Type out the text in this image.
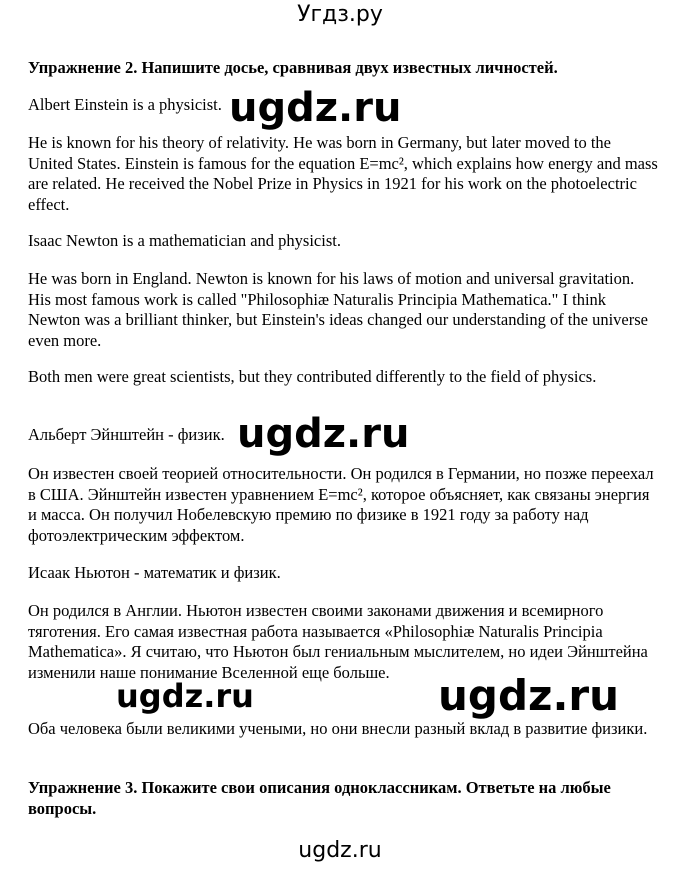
Угдз.ру

Упражнение 2. Напишите досье, сравнивая двух известных личностей.

Albert Einstein is a physicist.

He is known for his theory of relativity. He was born in Germany, but later moved to the United States. Einstein is famous for the equation E=mc², which explains how energy and mass are related. He received the Nobel Prize in Physics in 1921 for his work on the photoelectric effect.

Isaac Newton is a mathematician and physicist.

He was born in England. Newton is known for his laws of motion and universal gravitation. His most famous work is called "Philosophiæ Naturalis Principia Mathematica." I think Newton was a brilliant thinker, but Einstein's ideas changed our understanding of the universe even more.

Both men were great scientists, but they contributed differently to the field of physics.

Альберт Эйнштейн - физик.

Он известен своей теорией относительности. Он родился в Германии, но позже переехал в США. Эйнштейн известен уравнением E=mc², которое объясняет, как связаны энергия и масса. Он получил Нобелевскую премию по физике в 1921 году за работу над фотоэлектрическим эффектом.

Исаак Ньютон - математик и физик.

Он родился в Англии. Ньютон известен своими законами движения и всемирного тяготения. Его самая известная работа называется «Philosophiæ Naturalis Principia Mathematica». Я считаю, что Ньютон был гениальным мыслителем, но идеи Эйнштейна изменили наше понимание Вселенной еще больше.

Оба человека были великими учеными, но они внесли разный вклад в развитие физики.

Упражнение 3. Покажите свои описания одноклассникам. Ответьте на любые вопросы.

ugdz.ru
ugdz.ru
ugdz.ru	ugdz.ru
ugdz.ru
